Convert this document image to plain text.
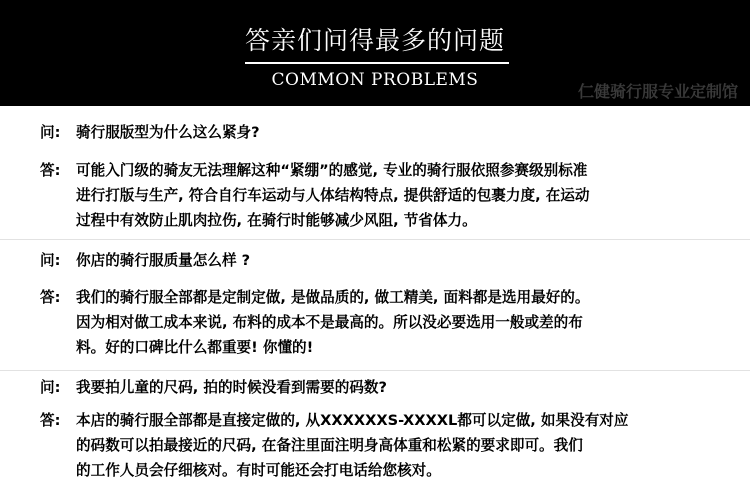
答亲们问得最多的问题
COMMON PROBLEMS
仁健骑行服专业定制馆
问: 骑行服版型为什么这么紧身?
答: 可能入门级的骑友无法理解这种“紧绷”的感觉, 专业的骑行服依照参赛级别标准
进行打版与生产, 符合自行车运动与人体结构特点, 提供舒适的包裹力度, 在运动
过程中有效防止肌肉拉伤, 在骑行时能够减少风阻, 节省体力。
问: 你店的骑行服质量怎么样 ?
答: 我们的骑行服全部都是定制定做, 是做品质的, 做工精美, 面料都是选用最好的。
因为相对做工成本来说, 布料的成本不是最高的。所以没必要选用一般或差的布
料。好的口碑比什么都重要! 你懂的!
问: 我要拍儿童的尺码, 拍的时候没看到需要的码数?
答: 本店的骑行服全部都是直接定做的, 从XXXXXXS-XXXXL都可以定做, 如果没有对应
的码数可以拍最接近的尺码, 在备注里面注明身高体重和松紧的要求即可。我们
的工作人员会仔细核对。有时可能还会打电话给您核对。
